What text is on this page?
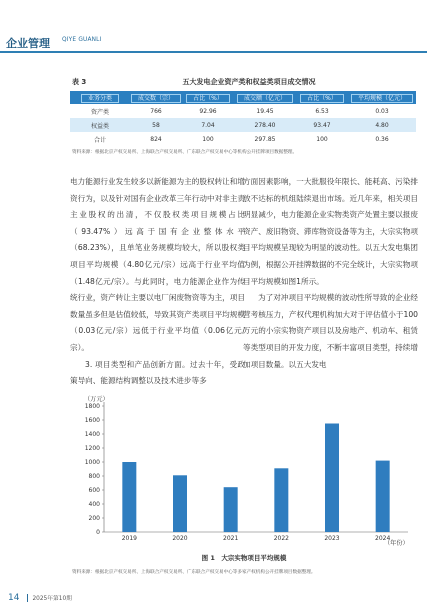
企业管理 QIYE GUANLI
表 3	五大发电企业资产类和权益类项目成交情况
业务分类	成交数（宗）	占比（%）	成交额（亿元）	占比（%）	平均规模（亿元）
资产类	766	92.96	19.45	6.53	0.03
权益类	58	7.04	278.40	93.47	4.80
合计	824	100	297.85	100	0.36
资料来源：根据北京产权交易所、上海联合产权交易所、广东联合产权交易中心等机构公开挂牌项目数据整理。

电力能源行业发生较多以新能源为主的股权转让和增资行为，以及针对国有企业改革三年行动中对非主责主业股权的出清，不仅股权类项目规模占比（93.47%）远高于国有企业整体水平（68.23%），且单笔业务规模均较大，所以股权类项目平均规模（4.80亿元/宗）远高于行业平均值（1.48亿元/宗）。与此同时，电力能源企业作为传统行业，资产转让主要以电厂闲废物资等为主，项目数量虽多但是估值较低，导致其资产类项目平均规模（0.03亿元/宗）远低于行业平均值（0.06亿元/宗）。

3. 项目类型和产品创新方面。过去十年，受政策导向、能源结构调整以及技术进步等多

方面因素影响，一大批服役年限长、能耗高、污染排放不达标的机组陆续退出市场。近几年来，相关项目明显减少，电力能源企业实物类资产处置主要以报废资产、废旧物资、滞库物资设备等为主，大宗实物项目平均规模呈现较为明显的波动性。以五大发电集团为例，根据公开挂牌数据的不完全统计，大宗实物项目平均规模如图1所示。

为了对冲项目平均规模的波动性所导致的企业经营考核压力，产权代理机构加大对于评估值小于100万元的小宗实物资产项目以及房地产、机动车、租赁等类型项目的开发力度，不断丰富项目类型，持续增加项目数量。以五大发电

（万元）
（年份）
0
200
400
600
800
1000
1200
1400
1600
1800
2019	2020	2021	2022	2023	2024
图 1　大宗实物项目平均规模
资料来源：根据北京产权交易所、上海联合产权交易所、广东联合产权交易中心等多家产权机构公开挂牌项目数据整理。
14 2025年第10期
